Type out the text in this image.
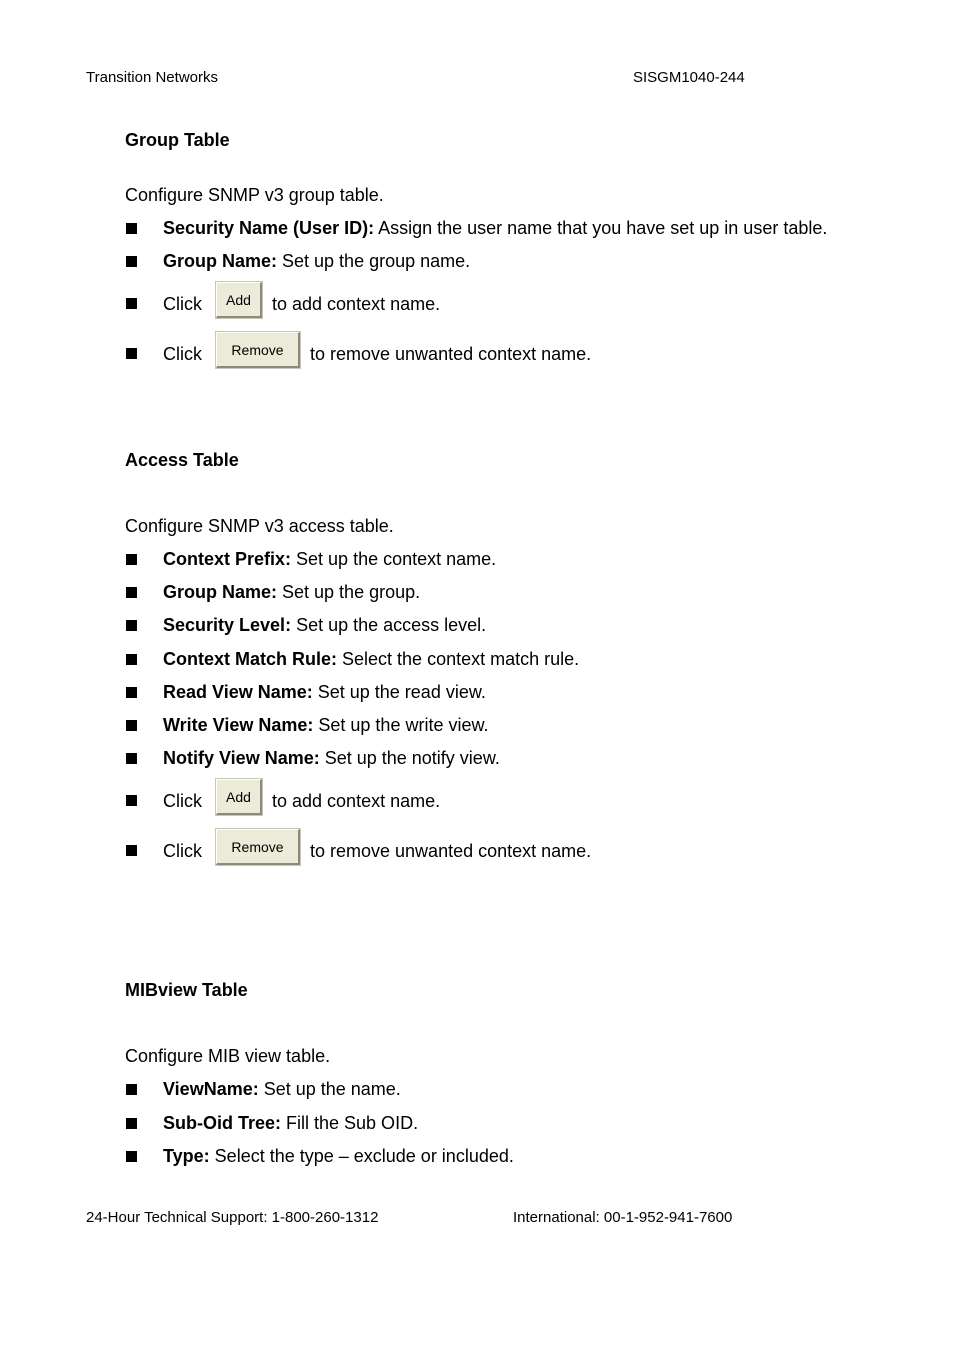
Transition Networks	SISGM1040-244
Group Table
Configure SNMP v3 group table.
Security Name (User ID): Assign the user name that you have set up in user table.
Group Name: Set up the group name.
Click	Add	to add context name.
Click	Remove	to remove unwanted context name.
Access Table
Configure SNMP v3 access table.
Context Prefix: Set up the context name.
Group Name: Set up the group.
Security Level: Set up the access level.
Context Match Rule: Select the context match rule.
Read View Name: Set up the read view.
Write View Name: Set up the write view.
Notify View Name: Set up the notify view.
Click	Add	to add context name.
Click	Remove	to remove unwanted context name.
MIBview Table
Configure MIB view table.
ViewName: Set up the name.
Sub-Oid Tree: Fill the Sub OID.
Type: Select the type – exclude or included.
24-Hour Technical Support: 1-800-260-1312	International: 00-1-952-941-7600
